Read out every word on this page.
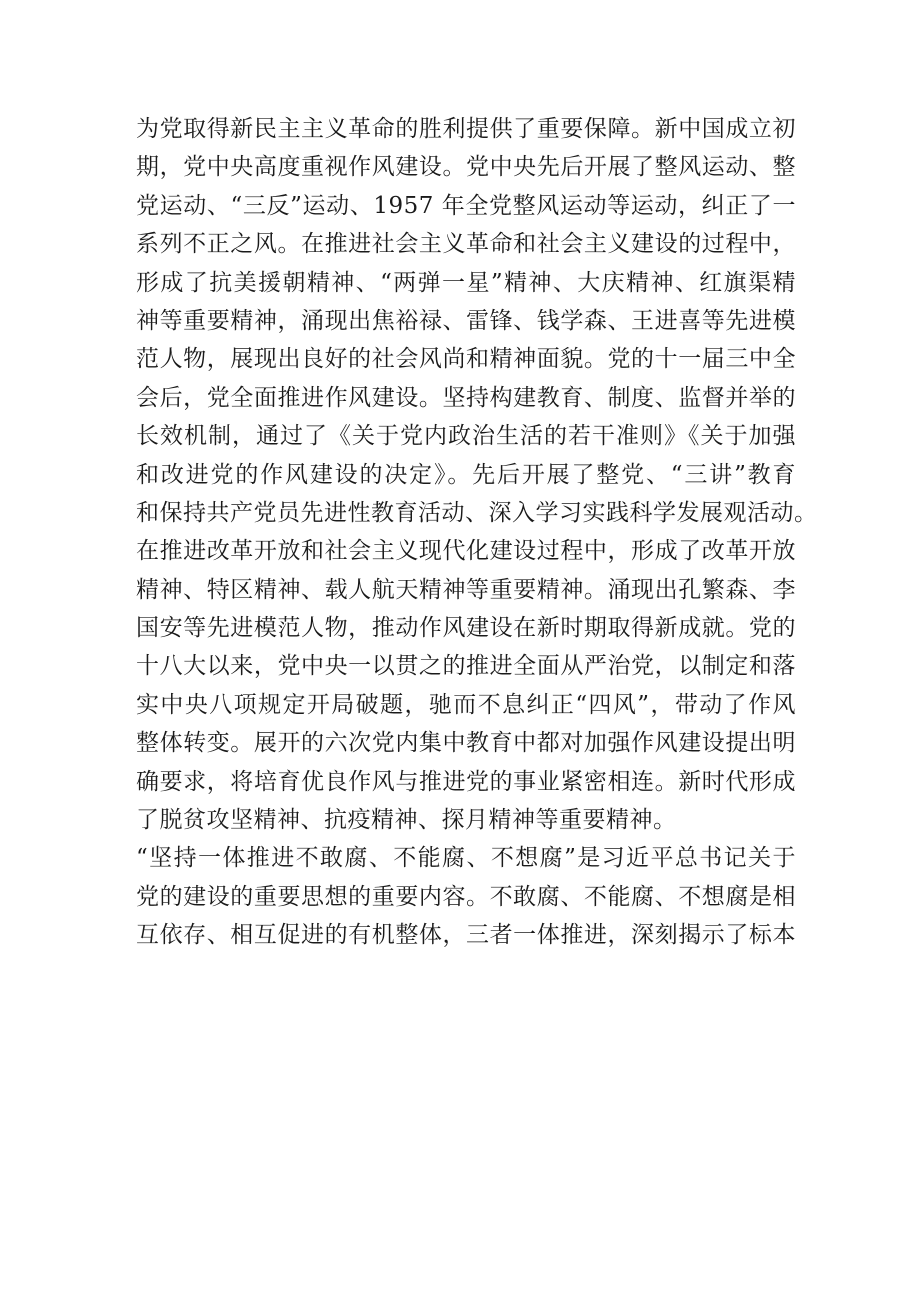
为党取得新民主主义革命的胜利提供了重要保障。新中国成立初
期，党中央高度重视作风建设。党中央先后开展了整风运动、整
党运动、“三反”运动、1957 年全党整风运动等运动，纠正了一
系列不正之风。在推进社会主义革命和社会主义建设的过程中，
形成了抗美援朝精神、“两弹一星”精神、大庆精神、红旗渠精
神等重要精神，涌现出焦裕禄、雷锋、钱学森、王进喜等先进模
范人物，展现出良好的社会风尚和精神面貌。党的十一届三中全
会后，党全面推进作风建设。坚持构建教育、制度、监督并举的
长效机制，通过了《关于党内政治生活的若干准则》《关于加强
和改进党的作风建设的决定》。先后开展了整党、“三讲”教育
和保持共产党员先进性教育活动、深入学习实践科学发展观活动。
在推进改革开放和社会主义现代化建设过程中，形成了改革开放
精神、特区精神、载人航天精神等重要精神。涌现出孔繁森、李
国安等先进模范人物，推动作风建设在新时期取得新成就。党的
十八大以来，党中央一以贯之的推进全面从严治党，以制定和落
实中央八项规定开局破题，驰而不息纠正“四风”，带动了作风
整体转变。展开的六次党内集中教育中都对加强作风建设提出明
确要求，将培育优良作风与推进党的事业紧密相连。新时代形成
了脱贫攻坚精神、抗疫精神、探月精神等重要精神。
“坚持一体推进不敢腐、不能腐、不想腐”是习近平总书记关于
党的建设的重要思想的重要内容。不敢腐、不能腐、不想腐是相
互依存、相互促进的有机整体，三者一体推进，深刻揭示了标本
